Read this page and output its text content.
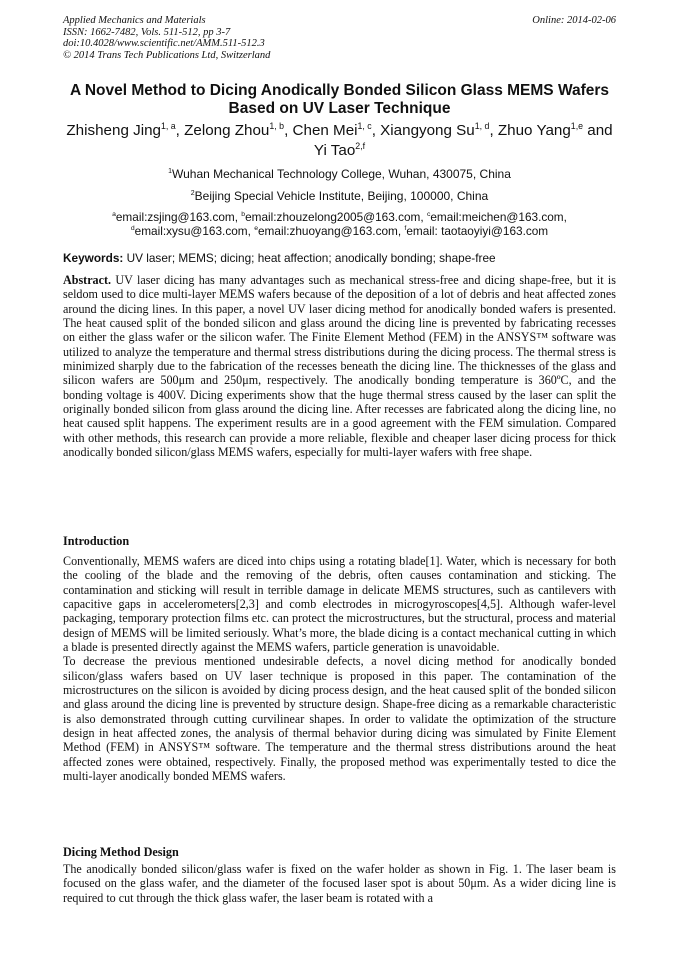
Applied Mechanics and Materials
ISSN: 1662-7482, Vols. 511-512, pp 3-7
doi:10.4028/www.scientific.net/AMM.511-512.3
© 2014 Trans Tech Publications Ltd, Switzerland
Online: 2014-02-06
A Novel Method to Dicing Anodically Bonded Silicon Glass MEMS Wafers Based on UV Laser Technique
Zhisheng Jing$^{1, a}$, Zelong Zhou$^{1, b}$, Chen Mei$^{1, c}$, Xiangyong Su$^{1, d}$, Zhuo Yang$^{1,e}$ and Yi Tao$^{2,f}$
$^1$Wuhan Mechanical Technology College, Wuhan, 430075, China
$^2$Beijing Special Vehicle Institute, Beijing, 100000, China
$^a$email:zsjing@163.com, $^b$email:zhouzelong2005@163.com, $^c$email:meichen@163.com, $^d$email:xysu@163.com, $^e$email:zhuoyang@163.com, $^f$email: taotaoyiyi@163.com
Keywords: UV laser; MEMS; dicing; heat affection; anodically bonding; shape-free

Abstract. UV laser dicing has many advantages such as mechanical stress-free and dicing shape-free, but it is seldom used to dice multi-layer MEMS wafers because of the deposition of a lot of debris and heat affected zones around the dicing lines. In this paper, a novel UV laser dicing method for anodically bonded wafers is presented. The heat caused split of the bonded silicon and glass around the dicing line is prevented by fabricating recesses on either the glass wafer or the silicon wafer. The Finite Element Method (FEM) in the ANSYS™ software was utilized to analyze the temperature and thermal stress distributions during the dicing process. The thermal stress is minimized sharply due to the fabrication of the recesses beneath the dicing line. The thicknesses of the glass and silicon wafers are 500μm and 250μm, respectively. The anodically bonding temperature is 360ºC, and the bonding voltage is 400V. Dicing experiments show that the huge thermal stress caused by the laser can split the originally bonded silicon from glass around the dicing line. After recesses are fabricated along the dicing line, no heat caused split happens. The experiment results are in a good agreement with the FEM simulation. Compared with other methods, this research can provide a more reliable, flexible and cheaper laser dicing process for thick anodically bonded silicon/glass MEMS wafers, especially for multi-layer wafers with free shape.

Introduction

Conventionally, MEMS wafers are diced into chips using a rotating blade[1]. Water, which is necessary for both the cooling of the blade and the removing of the debris, often causes contamination and sticking. The contamination and sticking will result in terrible damage in delicate MEMS structures, such as cantilevers with capacitive gaps in accelerometers[2,3] and comb electrodes in microgyroscopes[4,5]. Although wafer-level packaging, temporary protection films etc. can protect the microstructures, but the structural, process and material design of MEMS will be limited seriously. What’s more, the blade dicing is a contact mechanical cutting in which a blade is presented directly against the MEMS wafers, particle generation is unavoidable.

To decrease the previous mentioned undesirable defects, a novel dicing method for anodically bonded silicon/glass wafers based on UV laser technique is proposed in this paper. The contamination of the microstructures on the silicon is avoided by dicing process design, and the heat caused split of the bonded silicon and glass around the dicing line is prevented by structure design. Shape-free dicing as a remarkable characteristic is also demonstrated through cutting curvilinear shapes. In order to validate the optimization of the structure design in heat affected zones, the analysis of thermal behavior during dicing was simulated by Finite Element Method (FEM) in ANSYS™ software. The temperature and the thermal stress distributions around the heat affected zones were obtained, respectively. Finally, the proposed method was experimentally tested to dice the multi-layer anodically bonded MEMS wafers.

Dicing Method Design

The anodically bonded silicon/glass wafer is fixed on the wafer holder as shown in Fig. 1. The laser beam is focused on the glass wafer, and the diameter of the focused laser spot is about 50μm. As a wider dicing line is required to cut through the thick glass wafer, the laser beam is rotated with a
